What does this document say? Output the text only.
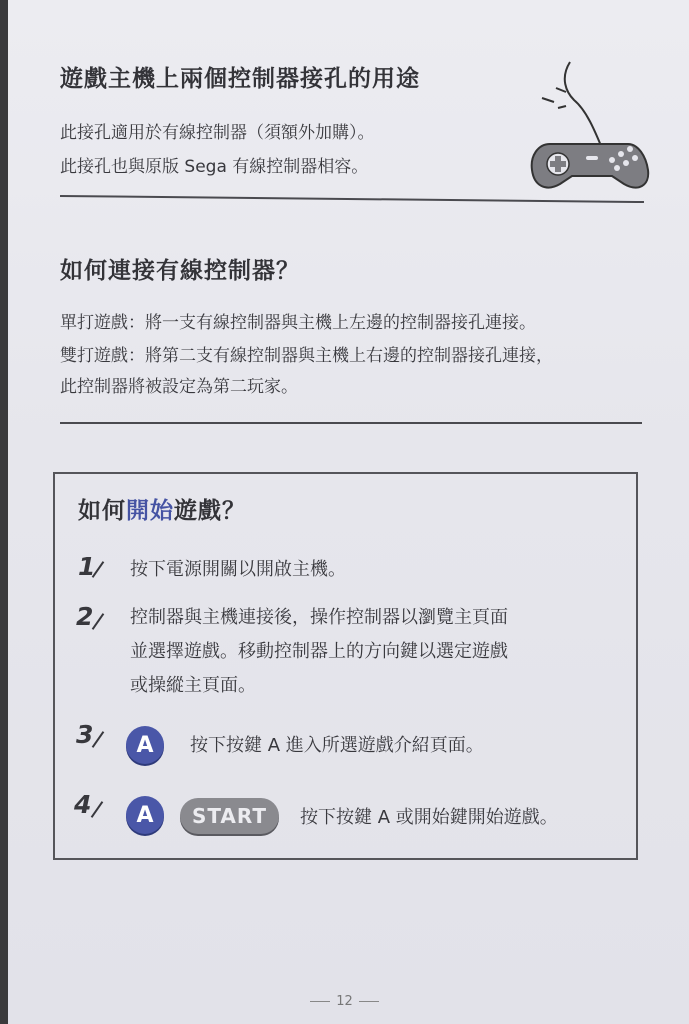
遊戲主機上兩個控制器接孔的用途

此接孔適用於有線控制器（須額外加購）。

此接孔也與原版 Sega 有線控制器相容。

如何連接有線控制器？

單打遊戲：將一支有線控制器與主機上左邊的控制器接孔連接。

雙打遊戲：將第二支有線控制器與主機上右邊的控制器接孔連接，

此控制器將被設定為第二玩家。

如何開始遊戲？
1 按下電源開關以開啟主機。

2 控制器與主機連接後，操作控制器以瀏覽主頁面

並選擇遊戲。移動控制器上的方向鍵以選定遊戲

或操縱主頁面。

3	A	按下按鍵 A 進入所選遊戲介紹頁面。

4	A	START	按下按鍵 A 或開始鍵開始遊戲。

12
